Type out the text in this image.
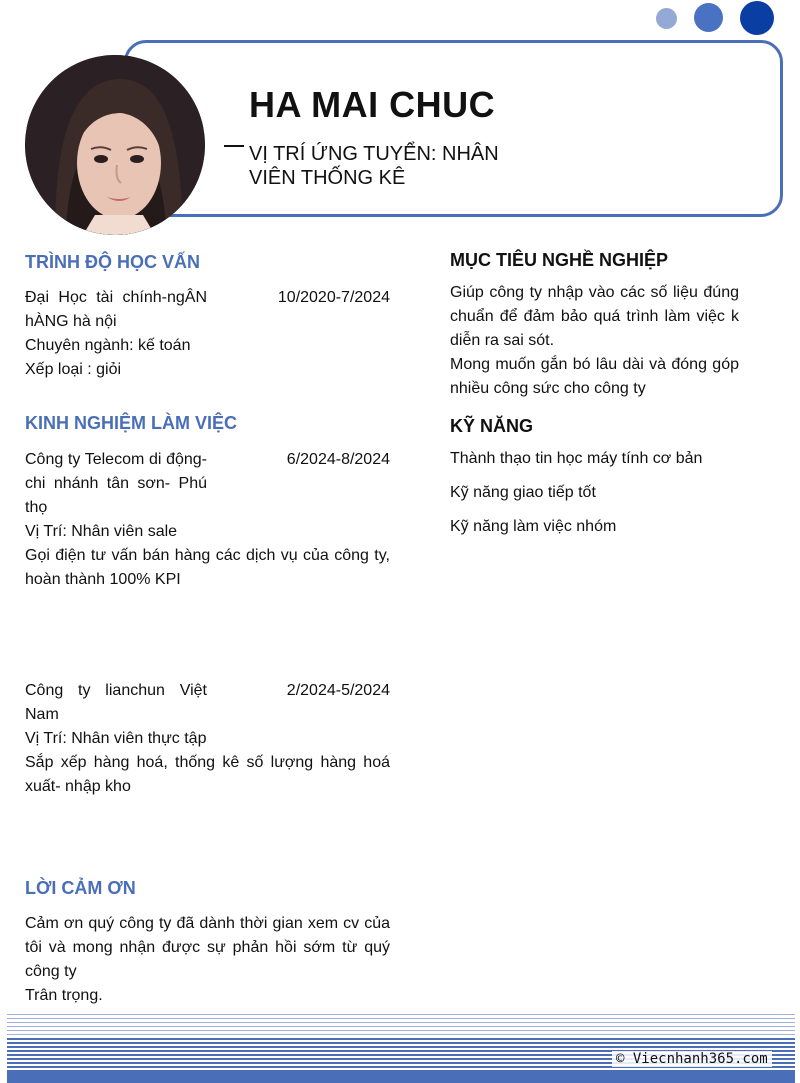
HA MAI CHUC
VỊ TRÍ ỨNG TUYỂN: NHÂN
VIÊN THỐNG KÊ
TRÌNH ĐỘ HỌC VẤN
Đại Học tài chính-ngÂN hÀNG hà nội
10/2020-7/2024
Chuyên ngành: kế toán
Xếp loại : giỏi
KINH NGHIỆM LÀM VIỆC
Công ty Telecom di động- chi nhánh tân sơn- Phú thọ
6/2024-8/2024
Vị Trí: Nhân viên sale
Gọi điện tư vấn bán hàng các dịch vụ của công ty, hoàn thành 100% KPI
Công ty lianchun Việt Nam
2/2024-5/2024
Vị Trí: Nhân viên thực tập
Sắp xếp hàng hoá, thống kê số lượng hàng hoá xuất- nhập kho
LỜI CẢM ƠN
Cảm ơn quý công ty đã dành thời gian xem cv của tôi và mong nhận được sự phản hồi sớm từ quý công ty
Trân trọng.
MỤC TIÊU NGHỀ NGHIỆP
Giúp công ty nhập vào các số liệu đúng chuẩn để đảm bảo quá trình làm việc k diễn ra sai sót.
Mong muốn gắn bó lâu dài và đóng góp nhiều công sức cho công ty
KỸ NĂNG
Thành thạo tin học máy tính cơ bản
Kỹ năng giao tiếp tốt
Kỹ năng làm việc nhóm
© Viecnhanh365.com
